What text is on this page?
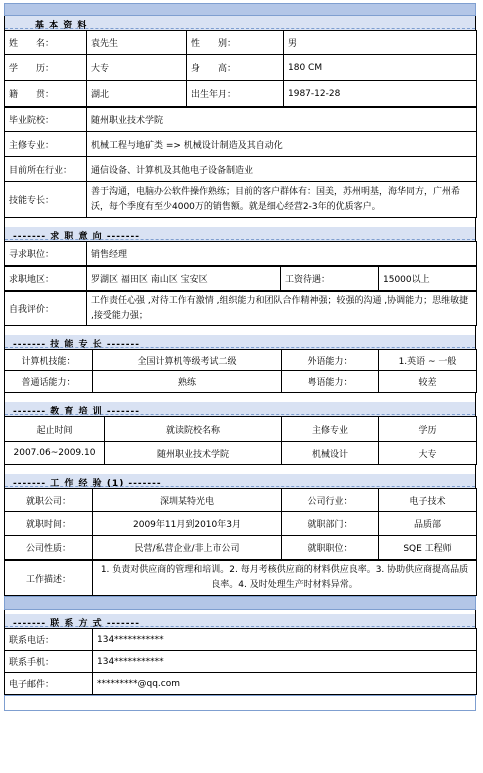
基 本 资 料
姓　　名：	袁先生	性　　别：	男
学　　历：	大专	身　　高：	180 CM
籍　　贯：	湖北	出生年月：	1987-12-28
毕业院校：	随州职业技术学院
主修专业：	机械工程与地矿类 => 机械设计制造及其自动化
目前所在行业：	通信设备、计算机及其他电子设备制造业
技能专长：	善于沟通，电脑办公软件操作熟练；目前的客户群体有：国美，苏州明基，海华同方，广州希沃，每个季度有至少4000万的销售额。就是细心经营2-3年的优质客户。
------- 求 职 意 向 -------
寻求职位：	销售经理
求职地区：	罗湖区 福田区 南山区 宝安区	工资待遇：	15000以上
自我评价：	工作责任心强 ,对待工作有激情 ,组织能力和团队合作精神强；较强的沟通 ,协调能力；思维敏捷 ,接受能力强；
------- 技 能 专 长 -------
计算机技能：	全国计算机等级考试二级	外语能力：	1.英语 ~ 一般
普通话能力：	熟练	粤语能力：	较差
------- 教 育 培 训 -------
起止时间	就读院校名称	主修专业	学历
2007.06~2009.10	随州职业技术学院	机械设计	大专
------- 工 作 经 验 (1) -------
就职公司：	深圳某特光电	公司行业：	电子技术
就职时间：	2009年11月到2010年3月	就职部门：	品质部
公司性质：	民营/私营企业/非上市公司	就职职位：	SQE 工程师
工作描述：	1. 负责对供应商的管理和培训。2. 每月考核供应商的材料供应良率。3. 协助供应商提高品质良率。4. 及时处理生产时材料异常。
------- 联 系 方 式 -------
联系电话：	134***********
联系手机：	134***********
电子邮件：	*********@qq.com
